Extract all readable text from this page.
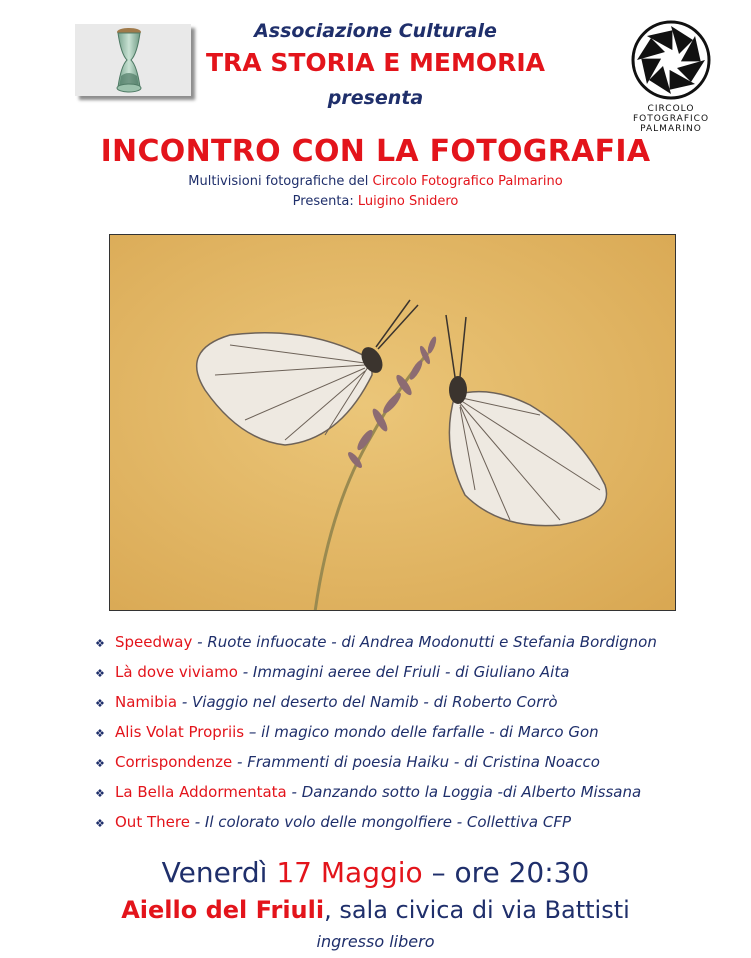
CIRCOLO
FOTOGRAFICO
PALMARINO
Associazione Culturale
TRA STORIA E MEMORIA
presenta
INCONTRO CON LA FOTOGRAFIA
Multivisioni fotografiche del Circolo Fotografico Palmarino
Presenta: Luigino Snidero
❖ Speedway - Ruote infuocate - di Andrea Modonutti e Stefania Bordignon
❖ Là dove viviamo - Immagini aeree del Friuli - di Giuliano Aita
❖ Namibia - Viaggio nel deserto del Namib - di Roberto Corrò
❖ Alis Volat Propriis – il magico mondo delle farfalle - di Marco Gon
❖ Corrispondenze - Frammenti di poesia Haiku - di Cristina Noacco
❖ La Bella Addormentata - Danzando sotto la Loggia -di Alberto Missana
❖ Out There - Il colorato volo delle mongolfiere - Collettiva CFP
Venerdì 17 Maggio – ore 20:30
Aiello del Friuli, sala civica di via Battisti
ingresso libero
